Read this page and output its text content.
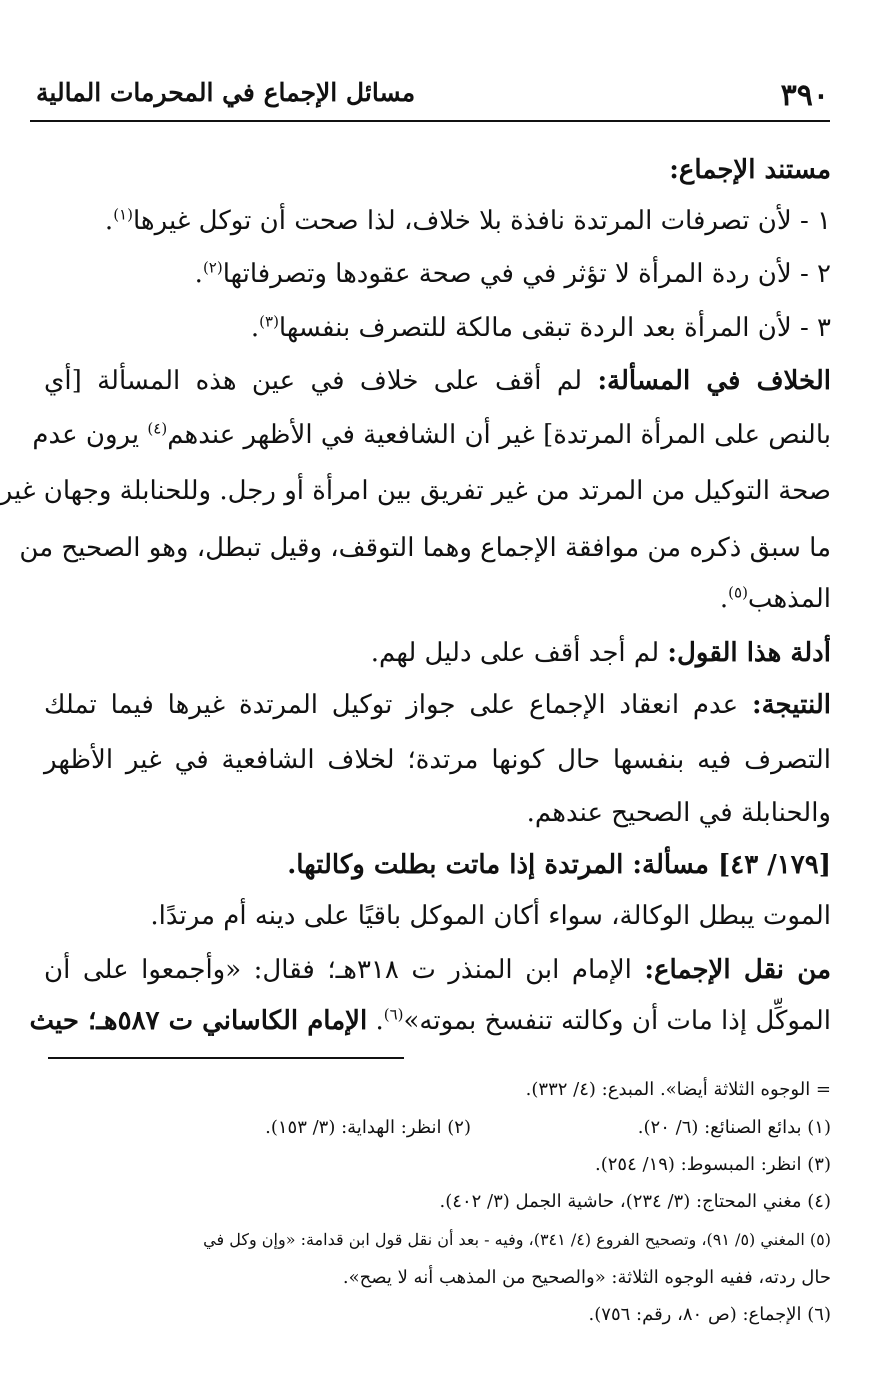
٣٩٠
مسائل الإجماع في المحرمات المالية
مستند الإجماع:
١ - لأن تصرفات المرتدة نافذة بلا خلاف، لذا صحت أن توكل غيرها$^{(١)}$.
٢ - لأن ردة المرأة لا تؤثر في في صحة عقودها وتصرفاتها$^{(٢)}$.
٣ - لأن المرأة بعد الردة تبقى مالكة للتصرف بنفسها$^{(٣)}$.
الخلاف في المسألة: لم أقف على خلاف في عين هذه المسألة [أي
بالنص على المرأة المرتدة] غير أن الشافعية في الأظهر عندهم$^{(٤)}$ يرون عدم
صحة التوكيل من المرتد من غير تفريق بين امرأة أو رجل. وللحنابلة وجهان غير
ما سبق ذكره من موافقة الإجماع وهما التوقف، وقيل تبطل، وهو الصحيح من
المذهب$^{(٥)}$.
أدلة هذا القول: لم أجد أقف على دليل لهم.
النتيجة: عدم انعقاد الإجماع على جواز توكيل المرتدة غيرها فيما تملك
التصرف فيه بنفسها حال كونها مرتدة؛ لخلاف الشافعية في غير الأظهر
والحنابلة في الصحيح عندهم.
[١٧٩/ ٤٣] مسألة: المرتدة إذا ماتت بطلت وكالتها.
الموت يبطل الوكالة، سواء أكان الموكل باقيًا على دينه أم مرتدًا.
من نقل الإجماع: الإمام ابن المنذر ت ٣١٨هـ؛ فقال: «وأجمعوا على أن
الموكِّل إذا مات أن وكالته تنفسخ بموته»$^{(٦)}$. الإمام الكاساني ت ٥٨٧هـ؛ حيث
= الوجوه الثلاثة أيضا». المبدع: (٤/ ٣٣٢).
(١) بدائع الصنائع: (٦/ ٢٠).(٢) انظر: الهداية: (٣/ ١٥٣).
(٣) انظر: المبسوط: (١٩/ ٢٥٤).
(٤) مغني المحتاج: (٣/ ٢٣٤)، حاشية الجمل (٣/ ٤٠٢).
(٥) المغني (٥/ ٩١)، وتصحيح الفروع (٤/ ٣٤١)، وفيه - بعد أن نقل قول ابن قدامة: «وإن وكل في
حال ردته، ففيه الوجوه الثلاثة: «والصحيح من المذهب أنه لا يصح».
(٦) الإجماع: (ص ٨٠، رقم: ٧٥٦).
